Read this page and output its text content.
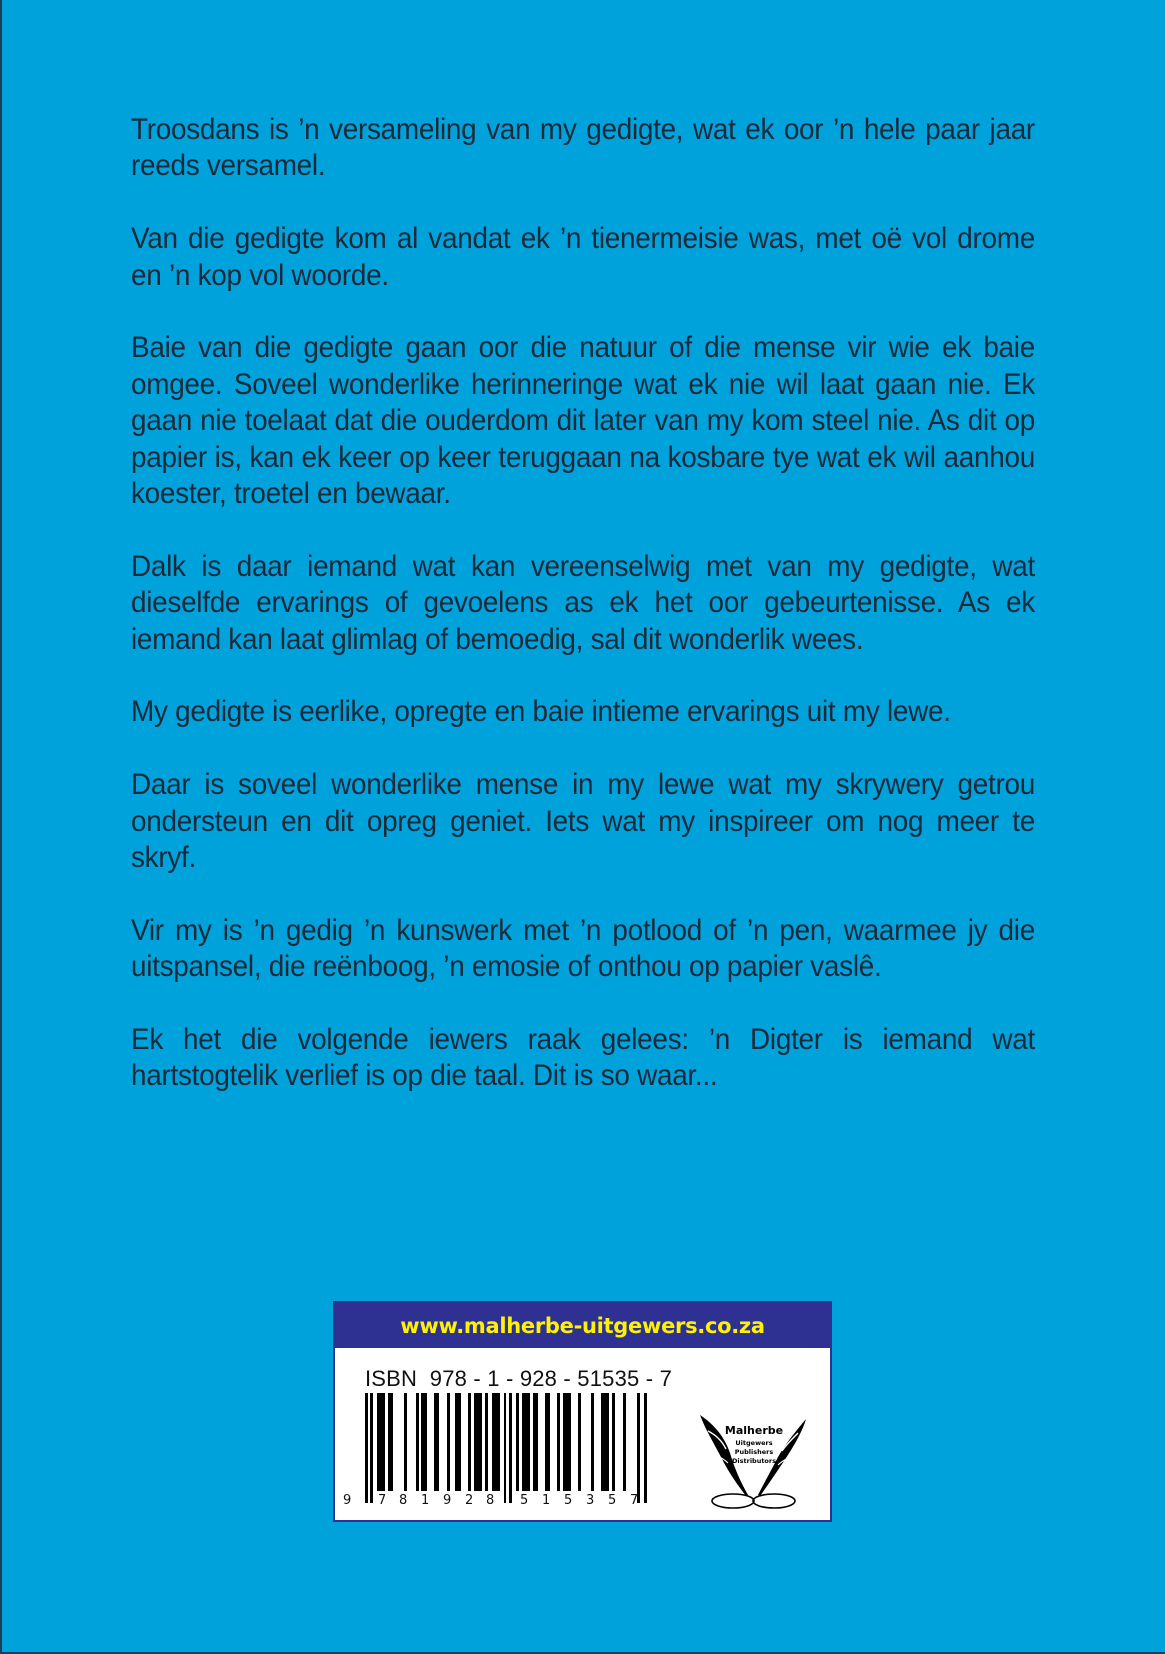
Troosdans is ’n versameling van my gedigte, wat ek oor ’n hele paar jaar reeds versamel.

Van die gedigte kom al vandat ek ’n tienermeisie was, met oë vol drome en ’n kop vol woorde.

Baie van die gedigte gaan oor die natuur of die mense vir wie ek baie omgee. Soveel wonderlike herinneringe wat ek nie wil laat gaan nie. Ek gaan nie toelaat dat die ouderdom dit later van my kom steel nie. As dit op papier is, kan ek keer op keer teruggaan na kosbare tye wat ek wil aanhou koester, troetel en bewaar.

Dalk is daar iemand wat kan vereenselwig met van my gedigte, wat dieselfde ervarings of gevoelens as ek het oor gebeurtenisse. As ek iemand kan laat glimlag of bemoedig, sal dit wonderlik wees.

My gedigte is eerlike, opregte en baie intieme ervarings uit my lewe.

Daar is soveel wonderlike mense in my lewe wat my skrywery getrou ondersteun en dit opreg geniet. Iets wat my inspireer om nog meer te skryf.

Vir my is ’n gedig ’n kunswerk met ’n potlood of ’n pen, waarmee jy die uitspansel, die reënboog, ’n emosie of onthou op papier vaslê.

Ek het die volgende iewers raak gelees: ’n Digter is iemand wat hartstogtelik verlief is op die taal. Dit is so waar...

www.malherbe-uitgewers.co.za
ISBN  978 - 1 - 928 - 51535 - 7
9 7 8 1 9 2 8 5 1 5 3 5 7
Malherbe
Uitgewers
Publishers
Distributors
